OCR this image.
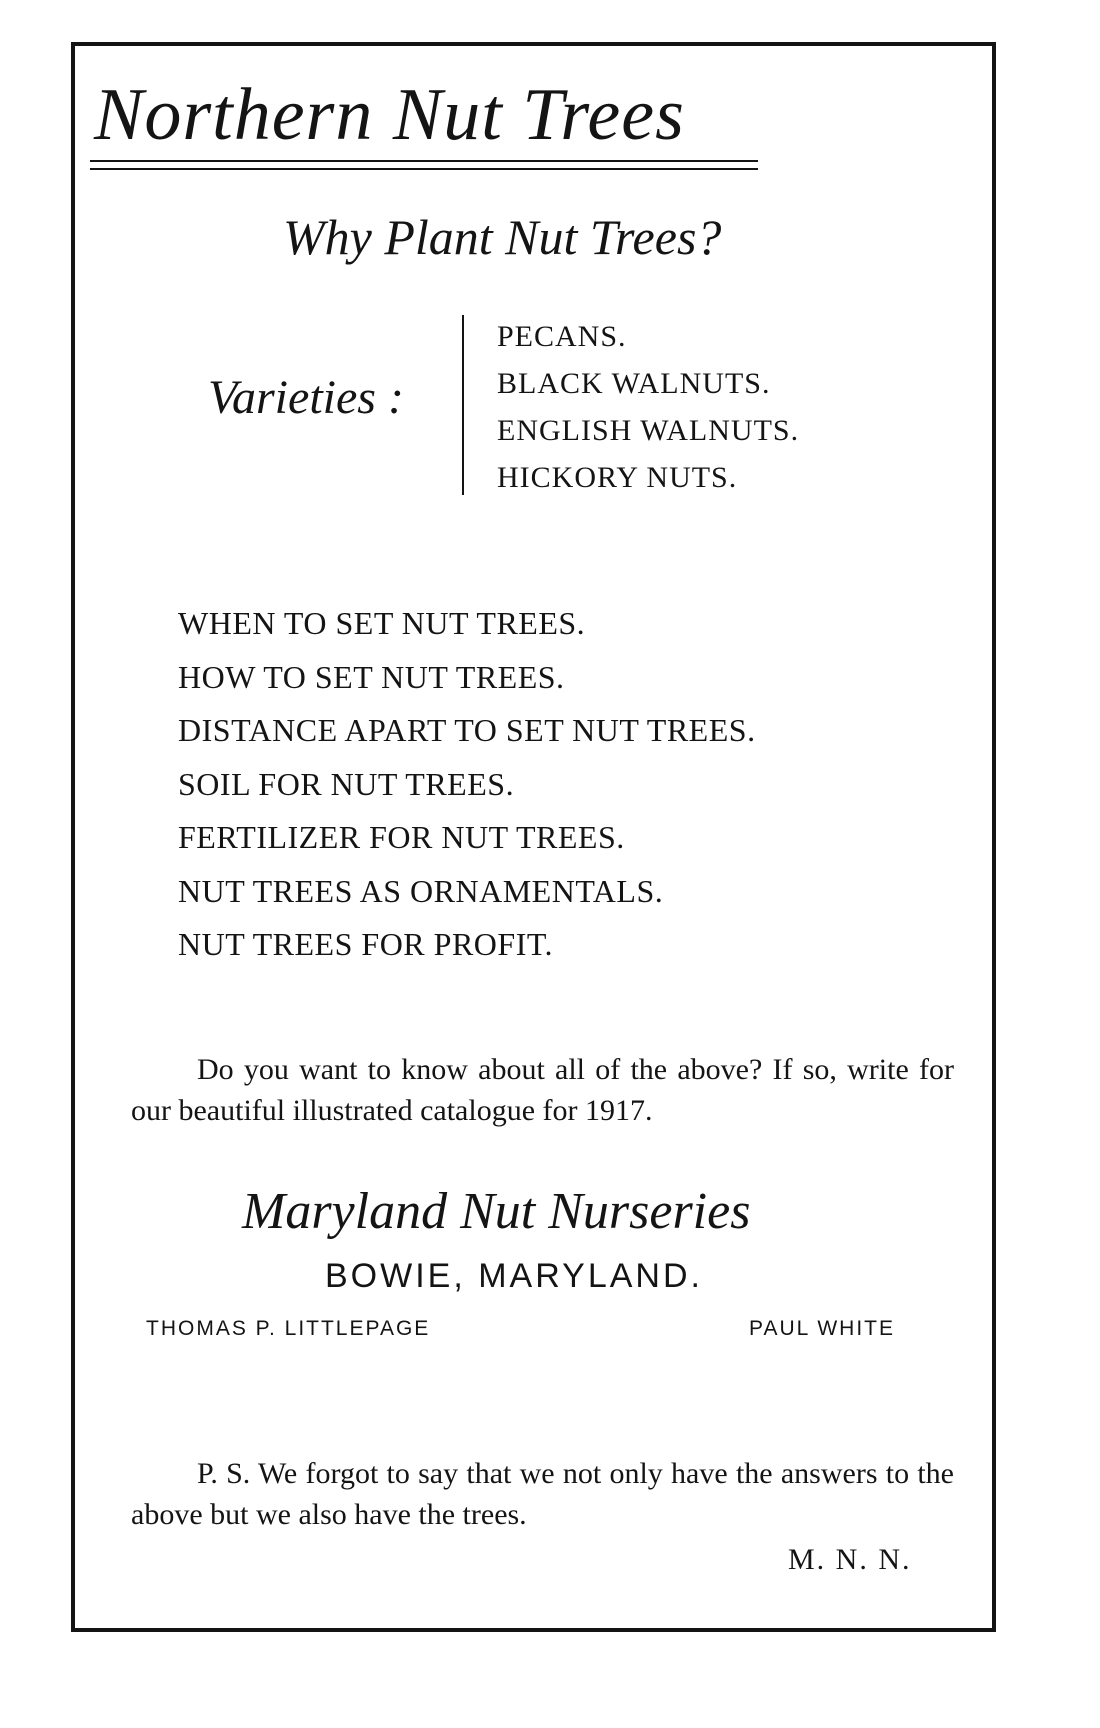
Northern Nut Trees
Why Plant Nut Trees?
Varieties :
PECANS.
BLACK WALNUTS.
ENGLISH WALNUTS.
HICKORY NUTS.
WHEN TO SET NUT TREES.
HOW TO SET NUT TREES.
DISTANCE APART TO SET NUT TREES.
SOIL FOR NUT TREES.
FERTILIZER FOR NUT TREES.
NUT TREES AS ORNAMENTALS.
NUT TREES FOR PROFIT.

Do you want to know about all of the above? If so, write for our beautiful illustrated catalogue for 1917.

Maryland Nut Nurseries
BOWIE, MARYLAND.
THOMAS P. LITTLEPAGE	PAUL WHITE

P. S. We forgot to say that we not only have the answers to the above but we also have the trees.

M. N. N.
